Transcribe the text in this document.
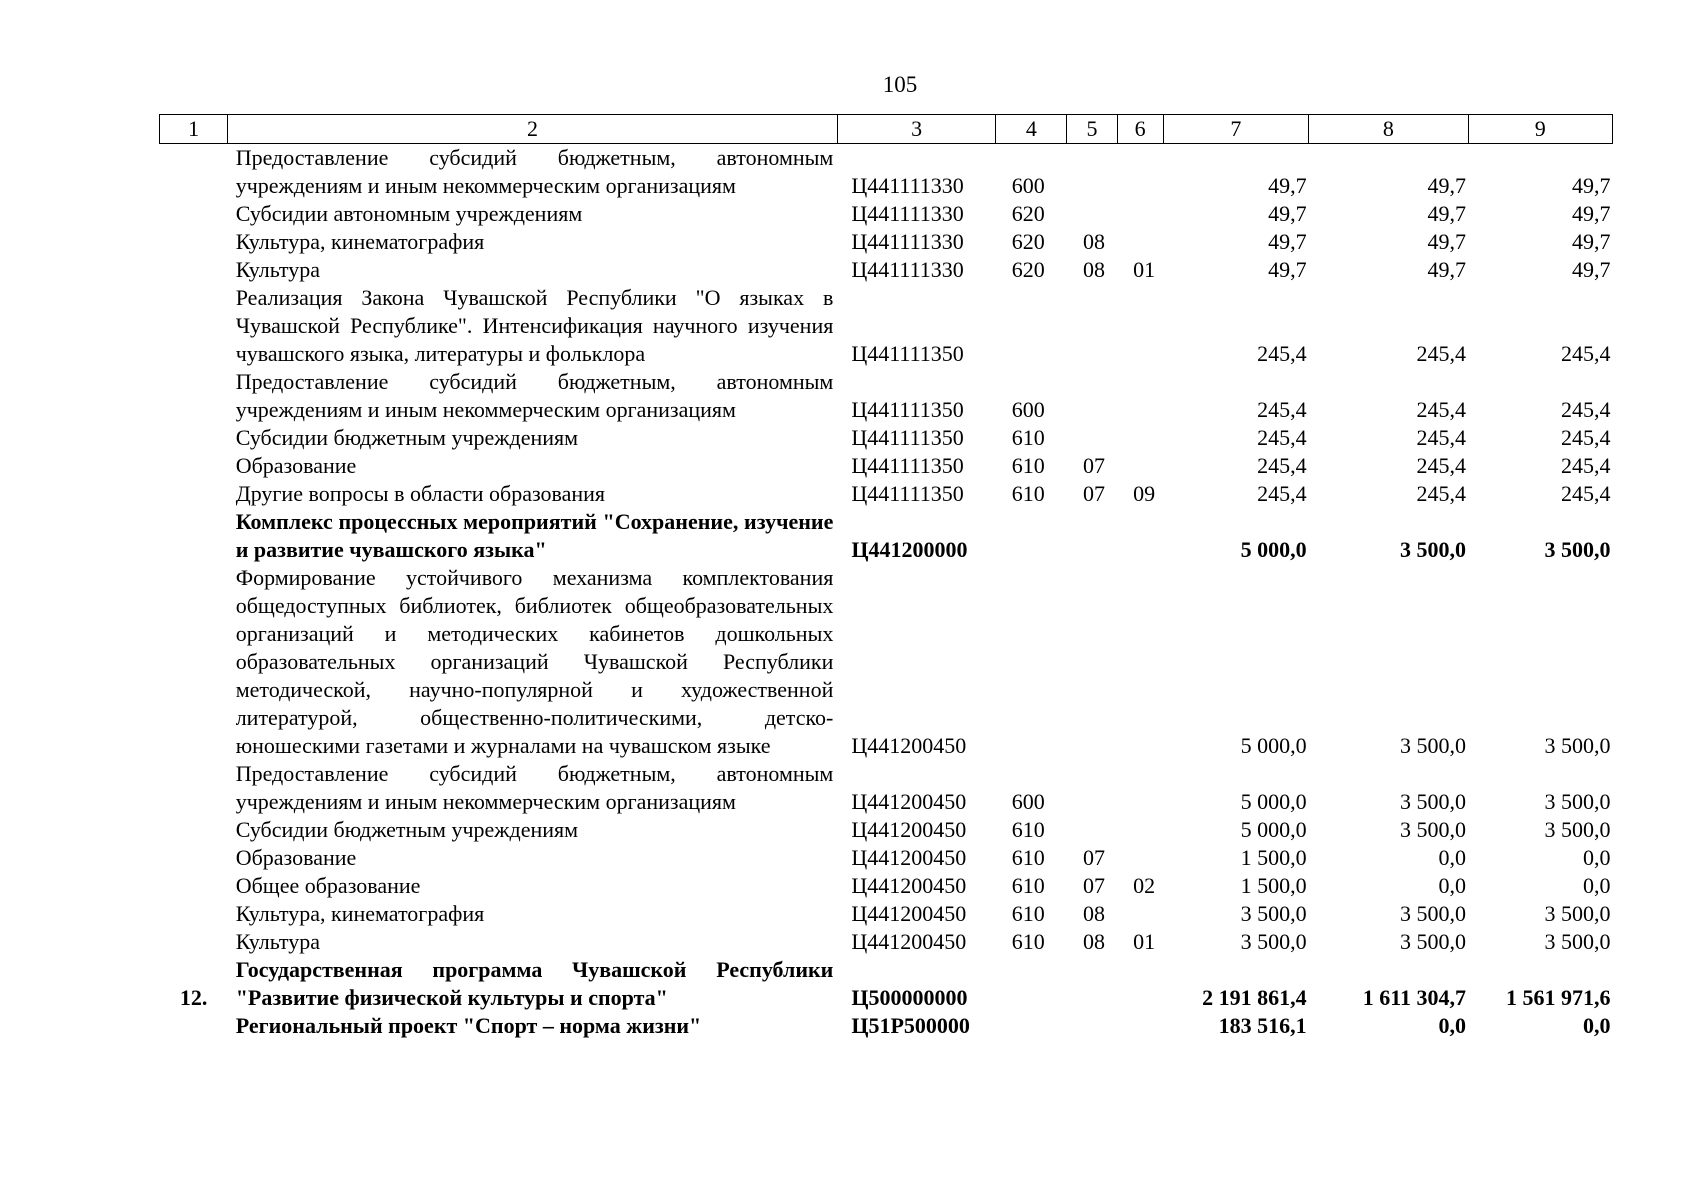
105
1	2	3	4	5	6	7	8	9
	Предоставление субсидий бюджетным, автономным учреждениям и иным некоммерческим организациям	Ц441111330	600			49,7	49,7	49,7
	Субсидии автономным учреждениям	Ц441111330	620			49,7	49,7	49,7
	Культура, кинематография	Ц441111330	620	08		49,7	49,7	49,7
	Культура	Ц441111330	620	08	01	49,7	49,7	49,7
	Реализация Закона Чувашской Республики "О языках в Чувашской Республике". Интенсификация научного изучения чувашского языка, литературы и фольклора	Ц441111350				245,4	245,4	245,4
	Предоставление субсидий бюджетным, автономным учреждениям и иным некоммерческим организациям	Ц441111350	600			245,4	245,4	245,4
	Субсидии бюджетным учреждениям	Ц441111350	610			245,4	245,4	245,4
	Образование	Ц441111350	610	07		245,4	245,4	245,4
	Другие вопросы в области образования	Ц441111350	610	07	09	245,4	245,4	245,4
	Комплекс процессных мероприятий "Сохранение, изучение и развитие чувашского языка"	Ц441200000				5 000,0	3 500,0	3 500,0
	Формирование устойчивого механизма комплектования общедоступных библиотек, библиотек общеобразовательных организаций и методических кабинетов дошкольных образовательных организаций Чувашской Республики методической, научно-популярной и художественной литературой, общественно-политическими, детско-юношескими газетами и журналами на чувашском языке	Ц441200450				5 000,0	3 500,0	3 500,0
	Предоставление субсидий бюджетным, автономным учреждениям и иным некоммерческим организациям	Ц441200450	600			5 000,0	3 500,0	3 500,0
	Субсидии бюджетным учреждениям	Ц441200450	610			5 000,0	3 500,0	3 500,0
	Образование	Ц441200450	610	07		1 500,0	0,0	0,0
	Общее образование	Ц441200450	610	07	02	1 500,0	0,0	0,0
	Культура, кинематография	Ц441200450	610	08		3 500,0	3 500,0	3 500,0
	Культура	Ц441200450	610	08	01	3 500,0	3 500,0	3 500,0
12.	Государственная программа Чувашской Республики "Развитие физической культуры и спорта"	Ц500000000				2 191 861,4	1 611 304,7	1 561 971,6
	Региональный проект "Спорт – норма жизни"	Ц51P500000				183 516,1	0,0	0,0
